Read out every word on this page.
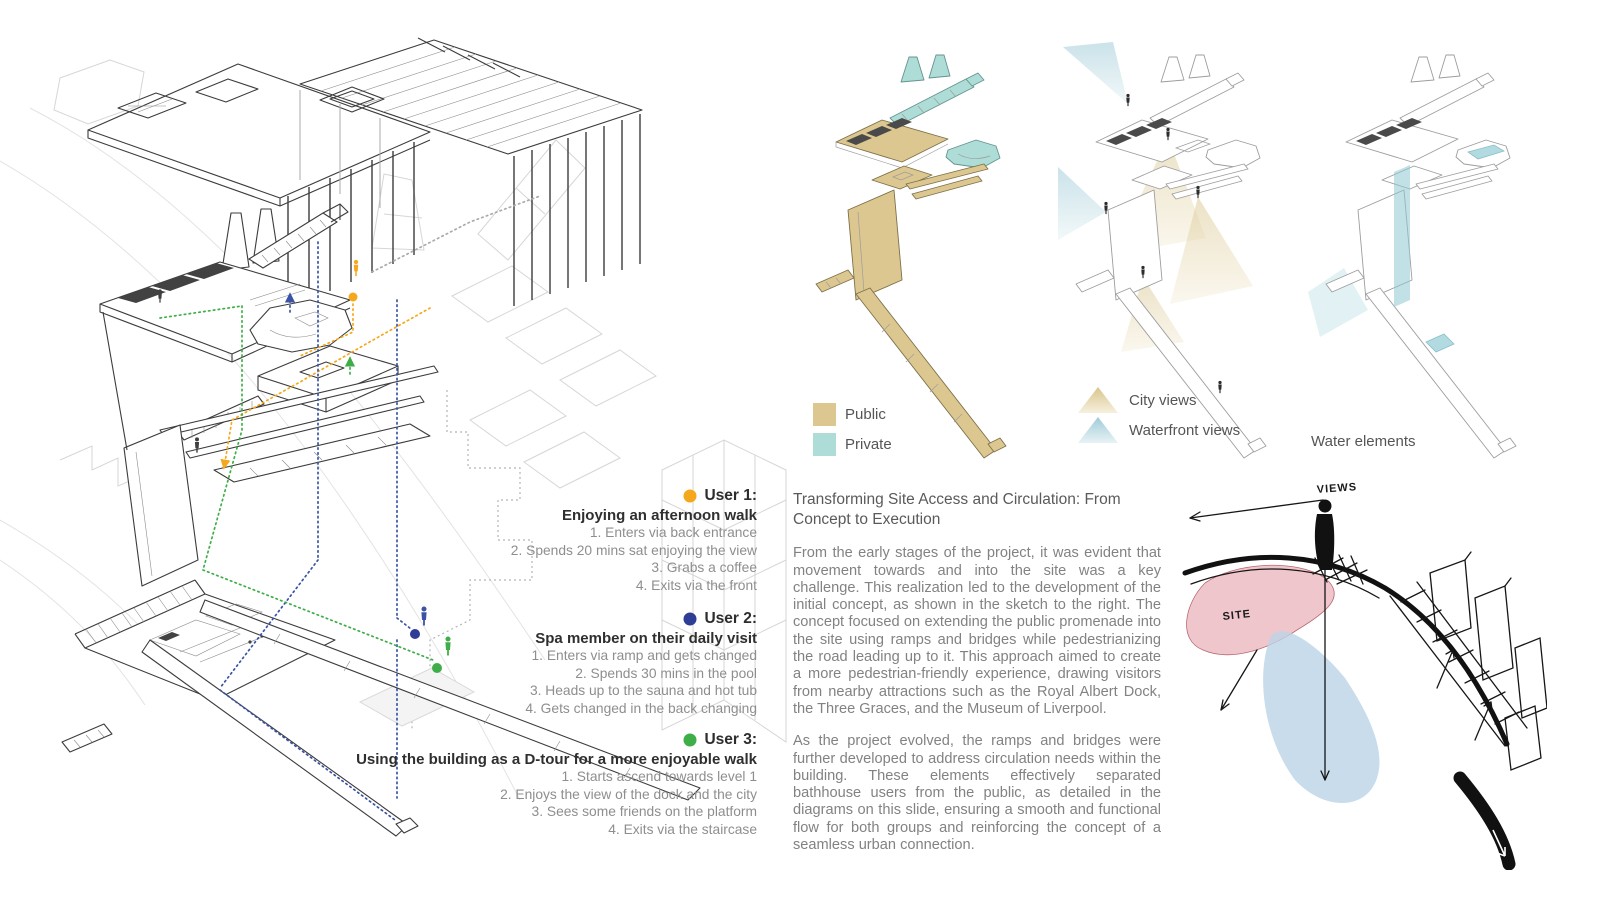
User 1:
Enjoying an afternoon walk
1. Enters via back entrance
2. Spends 20 mins sat enjoying the view
3. Grabs a coffee
4. Exits via the front
User 2:
Spa member on their daily visit
1. Enters via ramp and gets changed
2. Spends 30 mins in the pool
3. Heads up to the sauna and hot tub
4. Gets changed in the back changing
User 3:
Using the building as a D-tour for a more enjoyable walk
1. Starts ascend towards level 1
2. Enjoys the view of the dock and the city
3. Sees some friends on the platform
4. Exits via the staircase
Public
Private
City views
Waterfront views
Water elements
Transforming Site Access and Circulation: From Concept to Execution

From the early stages of the project, it was evident that movement towards and into the site was a key challenge. This realization led to the development of the initial concept, as shown in the sketch to the right. The concept focused on extending the public promenade into the site using ramps and bridges while pedestrianizing the road leading up to it. This approach aimed to create a more pedestrian-friendly experience, drawing visitors from nearby attractions such as the Royal Albert Dock, the Three Graces, and the Museum of Liverpool.

As the project evolved, the ramps and bridges were further developed to address circulation needs within the building. These elements effectively separated bathhouse users from the public, as detailed in the diagrams on this slide, ensuring a smooth and functional flow for both groups and reinforcing the concept of a seamless urban connection.

VIEWS
SITE
